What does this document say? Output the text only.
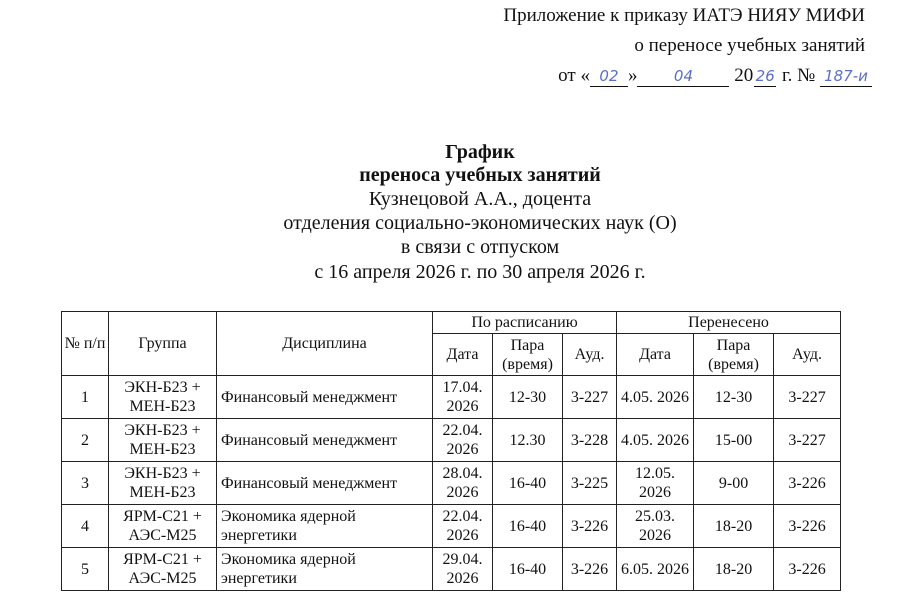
Приложение к приказу ИАТЭ НИЯУ МИФИ
о переносе учебных занятий
от « 02 » 04 20 26 г. № 187-и
График
переноса учебных занятий
Кузнецовой А.А., доцента
отделения социально-экономических наук (О)
в связи с отпуском
с 16 апреля 2026 г. по 30 апреля 2026 г.
№ п/п	Группа	Дисциплина	По расписанию			Перенесено		
			Дата	Пара (время)	Ауд.	Дата	Пара (время)	Ауд.
1	ЭКН-Б23 + МЕН-Б23	Финансовый менеджмент	17.04. 2026	12-30	3-227	4.05. 2026	12-30	3-227
2	ЭКН-Б23 + МЕН-Б23	Финансовый менеджмент	22.04. 2026	12.30	3-228	4.05. 2026	15-00	3-227
3	ЭКН-Б23 + МЕН-Б23	Финансовый менеджмент	28.04. 2026	16-40	3-225	12.05. 2026	9-00	3-226
4	ЯРМ-С21 + АЭС-М25	Экономика ядерной энергетики	22.04. 2026	16-40	3-226	25.03. 2026	18-20	3-226
5	ЯРМ-С21 + АЭС-М25	Экономика ядерной энергетики	29.04. 2026	16-40	3-226	6.05. 2026	18-20	3-226
